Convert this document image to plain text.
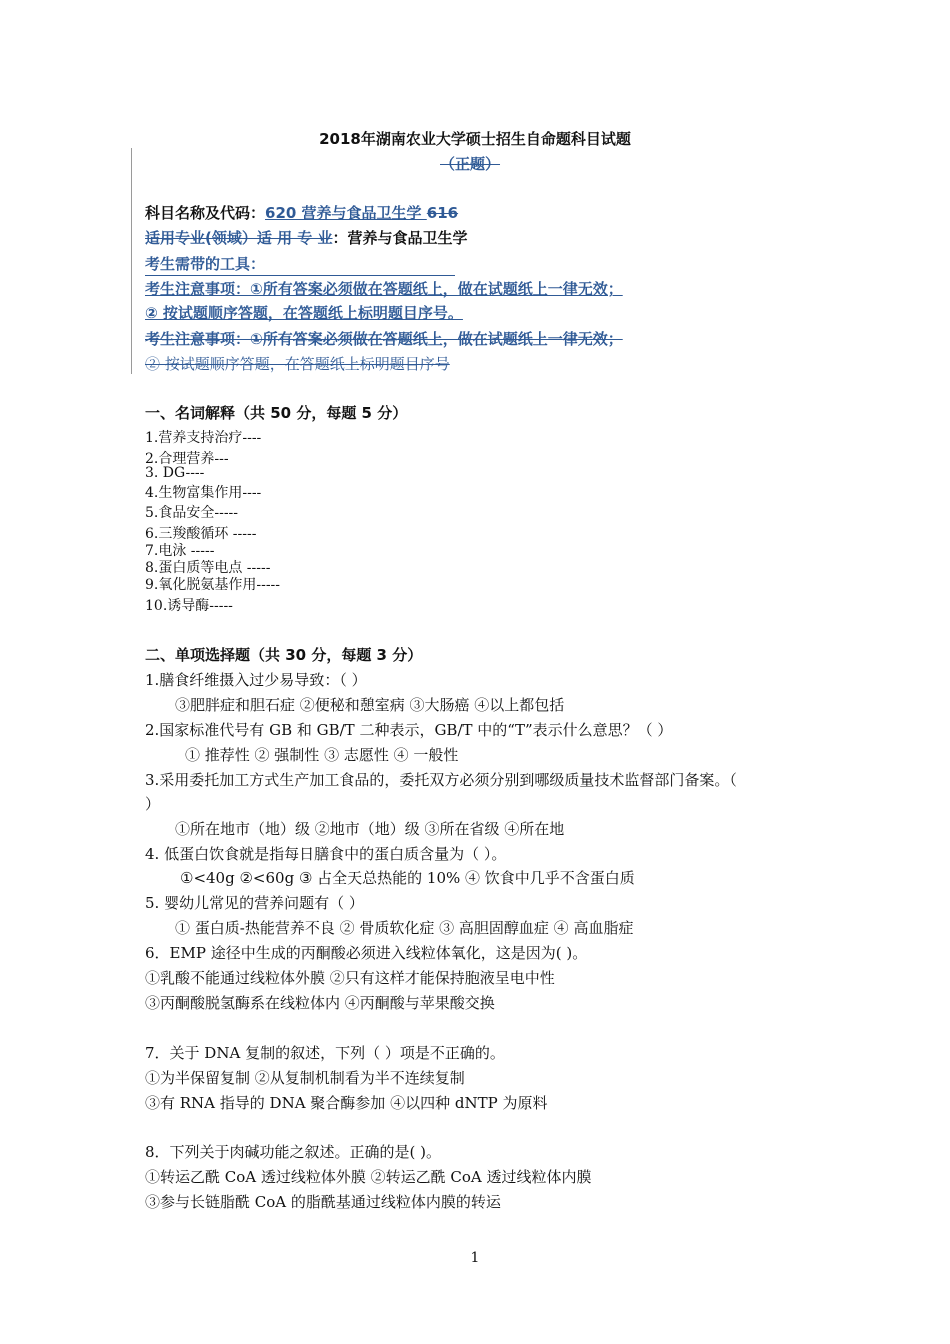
2018年湖南农业大学硕士招生自命题科目试题
（正题）
科目名称及代码：620 营养与食品卫生学 616
适用专业(领域）适 用 专 业：营养与食品卫生学
考生需带的工具：
考生注意事项：①所有答案必须做在答题纸上，做在试题纸上一律无效；
② 按试题顺序答题，在答题纸上标明题目序号。
考生注意事项：①所有答案必须做在答题纸上，做在试题纸上一律无效；
② 按试题顺序答题，在答题纸上标明题目序号
一、名词解释（共 50 分，每题 5 分）
1.营养支持治疗----
2.合理营养---
3. DG----
4.生物富集作用----
5.食品安全-----
6.三羧酸循环 -----
7.电泳 -----
8.蛋白质等电点 -----
9.氧化脱氨基作用-----
10.诱导酶-----
二、单项选择题（共 30 分，每题 3 分）
1.膳食纤维摄入过少易导致：（ ）
③肥胖症和胆石症 ②便秘和憩室病 ③大肠癌 ④以上都包括
2.国家标准代号有 GB 和 GB/T 二种表示，GB/T 中的“T”表示什么意思？（ ）
① 推荐性 ② 强制性 ③ 志愿性 ④ 一般性
3.采用委托加工方式生产加工食品的，委托双方必须分别到哪级质量技术监督部门备案。（
）
①所在地市（地）级 ②地市（地）级 ③所在省级 ④所在地
4. 低蛋白饮食就是指每日膳食中的蛋白质含量为（ ）。
①<40g ②<60g ③ 占全天总热能的 10% ④ 饮食中几乎不含蛋白质
5. 婴幼儿常见的营养问题有（ ）
① 蛋白质-热能营养不良 ② 骨质软化症 ③ 高胆固醇血症 ④ 高血脂症
6．EMP 途径中生成的丙酮酸必须进入线粒体氧化，这是因为( )。
①乳酸不能通过线粒体外膜 ②只有这样才能保持胞液呈电中性
③丙酮酸脱氢酶系在线粒体内 ④丙酮酸与苹果酸交换
7．关于 DNA 复制的叙述，下列（ ）项是不正确的。
①为半保留复制 ②从复制机制看为半不连续复制
③有 RNA 指导的 DNA 聚合酶参加 ④以四种 dNTP 为原料
8．下列关于肉碱功能之叙述。正确的是( )。
①转运乙酰 CoA 透过线粒体外膜 ②转运乙酰 CoA 透过线粒体内膜
③参与长链脂酰 CoA 的脂酰基通过线粒体内膜的转运
1
